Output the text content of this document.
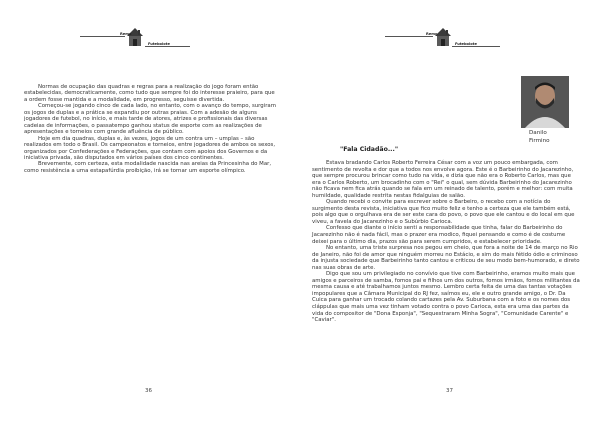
Remo
Futebolote

Normas de ocupação das quadras e regras para a realização do jogo foram então estabelecidas, democraticamente, como tudo que sempre foi do interesse praieiro, para que a ordem fosse mantida e a modalidade, em progresso, seguisse divertida.

Começou-se jogando cinco de cada lado, no entanto, com o avanço do tempo, surgiram os jogos de duplas e a prática se expandiu por outras praias. Com a adesão de alguns jogadores de futebol, no início, e mais tarde de atores, atrizes e profissionais das diversas cadeias de informações, o passatempo ganhou status de esporte com as realizações de apresentações e torneios com grande afluência de público.

Hoje em dia quadras, duplas e, às vezes, jogos de um contra um – umplas – são realizados em todo o Brasil. Os campeonatos e torneios, entre jogadores de ambos os sexos, organizados por Confederações e Federações, que contam com apoios dos Governos e da iniciativa privada, são disputados em vários países dos cinco continentes.

Brevemente, com certeza, esta modalidade nascida nas areias da Princesinha do Mar, como resistência a uma estapafúrdia proibição, irá se tornar um esporte olímpico.

36
Remo
Futebolote
Danilo
Firmino
"Fala Cidadão..."

Estava bradando Carlos Roberto Ferreira César com a voz um pouco embargada, com sentimento de revolta e dor que a todos nos envolve agora. Este é o Barbeirinho do Jacarezinho, que sempre procurou brincar como tudo na vida, e dizia que não era o Roberto Carlos, mas que era o Carlos Roberto, um brocadinho com o "Rei" o qual, sem dúvida Barbeirinho do Jacarezinho não ficava nem fica atrás quando se fala em um reinado de talento, porém e melhor: com muita humildade, qualidade restrita nestas fidalguias de salão.

Quando recebi o convite para escrever sobre o Barbeiro, o recebo com a notícia do surgimento desta revista, iniciativa que fico muito feliz e tenho a certeza que ele também está, pois algo que o orgulhava era de ser este cara do povo, o povo que ele cantou e do local em que viveu, a favela do Jacarezinho e o Subúrbio Carioca.

Confesso que diante o início senti a responsabilidade que tinha, falar do Barbeirinho do Jacarezinho não é nada fácil, mas o prazer era modico, fiquei pensando e como é de costume deixei para o último dia, prazos são para serem cumpridos, e estabelecer prioridade.

No entanto, uma triste surpresa nos pegou em cheio, que fora a noite de 14 de março no Rio de Janeiro, não foi de amor que ninguém morreu no Estácio, e sim do mais fétido ódio e criminoso da injusta sociedade que Barbeirinho tanto cantou e criticou de seu modo bem-humorado, e direto nas suas obras de arte.

Digo que sou um privilegiado no convívio que tive com Barbeirinho, eramos muito mais que amigos e parceiros de samba, fomos pai e filhos um dos outros, fomos irmãos, fomos militantes da mesma causa e até trabalhamos juntos mesmo. Lembro certa feita de uma das tantas votações impopulares que a Câmara Municipal do RJ fez, saímos eu, ele e outro grande amigo, o Dr. Da Cuica para ganhar um trocado colando cartazes pela Av. Suburbana com a foto e os nomes dos cláppulas que mais uma vez tinham votado contra o povo Carioca, esta era uma das partes da vida do compositor de "Dona Esponja", "Sequestraram Minha Sogra", "Comunidade Carente" e "Caviar".

37
